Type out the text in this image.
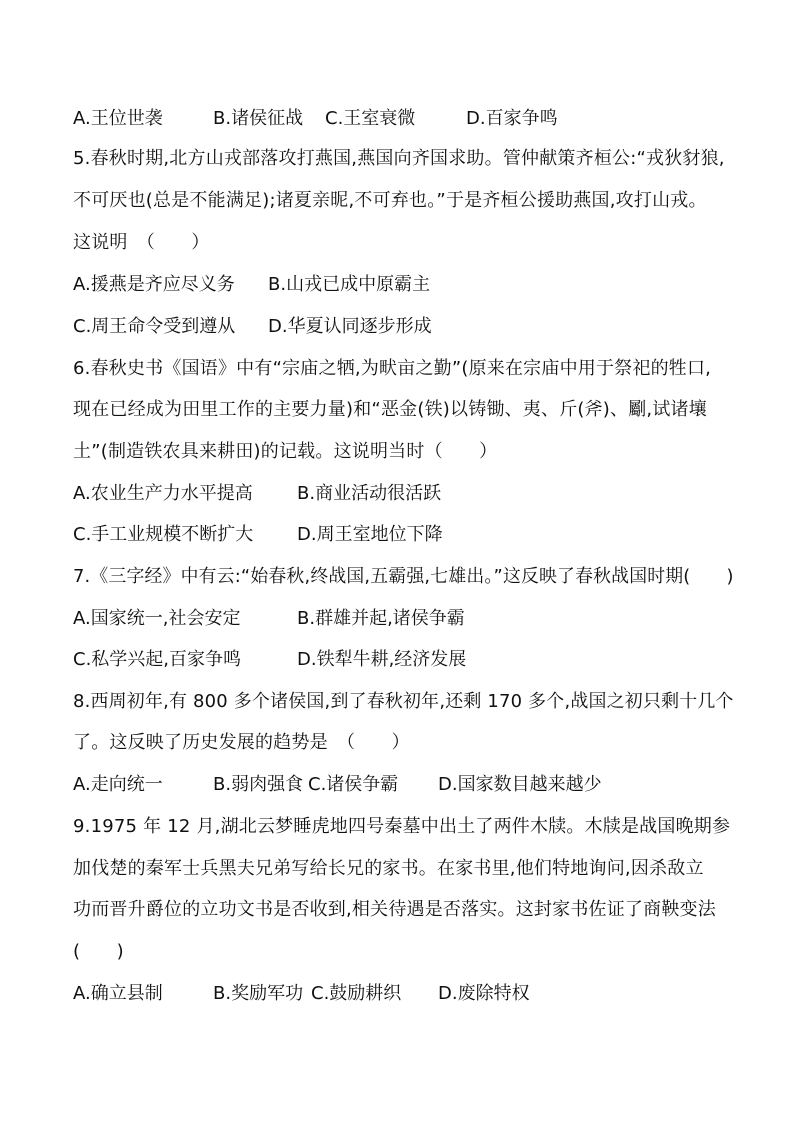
A.王位世袭	B.诸侯征战 C.王室衰微	D.百家争鸣
5.春秋时期,北方山戎部落攻打燕国,燕国向齐国求助。管仲献策齐桓公:“戎狄豺狼,
不可厌也(总是不能满足);诸夏亲昵,不可弃也。”于是齐桓公援助燕国,攻打山戎。
这说明　（　　）
A.援燕是齐应尽义务 B.山戎已成中原霸主
C.周王命令受到遵从 D.华夏认同逐步形成
6.春秋史书《国语》中有“宗庙之牺,为畎亩之勤”(原来在宗庙中用于祭祀的牲口,
现在已经成为田里工作的主要力量)和“恶金(铁)以铸锄、夷、斤(斧)、劚,试诸壤
土”(制造铁农具来耕田)的记载。这说明当时（　　）
A.农业生产力水平提高 B.商业活动很活跃
C.手工业规模不断扩大 D.周王室地位下降
7.《三字经》中有云:“始春秋,终战国,五霸强,七雄出。”这反映了春秋战国时期(　　)
A.国家统一,社会安定	B.群雄并起,诸侯争霸
C.私学兴起,百家争鸣	D.铁犁牛耕,经济发展
8.西周初年,有 800 多个诸侯国,到了春秋初年,还剩 170 多个,战国之初只剩十几个
了。这反映了历史发展的趋势是　（　　）
A.走向统一	B.弱肉强食 C.诸侯争霸 D.国家数目越来越少
9.1975 年 12 月,湖北云梦睡虎地四号秦墓中出土了两件木牍。木牍是战国晚期参
加伐楚的秦军士兵黑夫兄弟写给长兄的家书。在家书里,他们特地询问,因杀敌立
功而晋升爵位的立功文书是否收到,相关待遇是否落实。这封家书佐证了商鞅变法
(　　)
A.确立县制	B.奖励军功 C.鼓励耕织 D.废除特权
